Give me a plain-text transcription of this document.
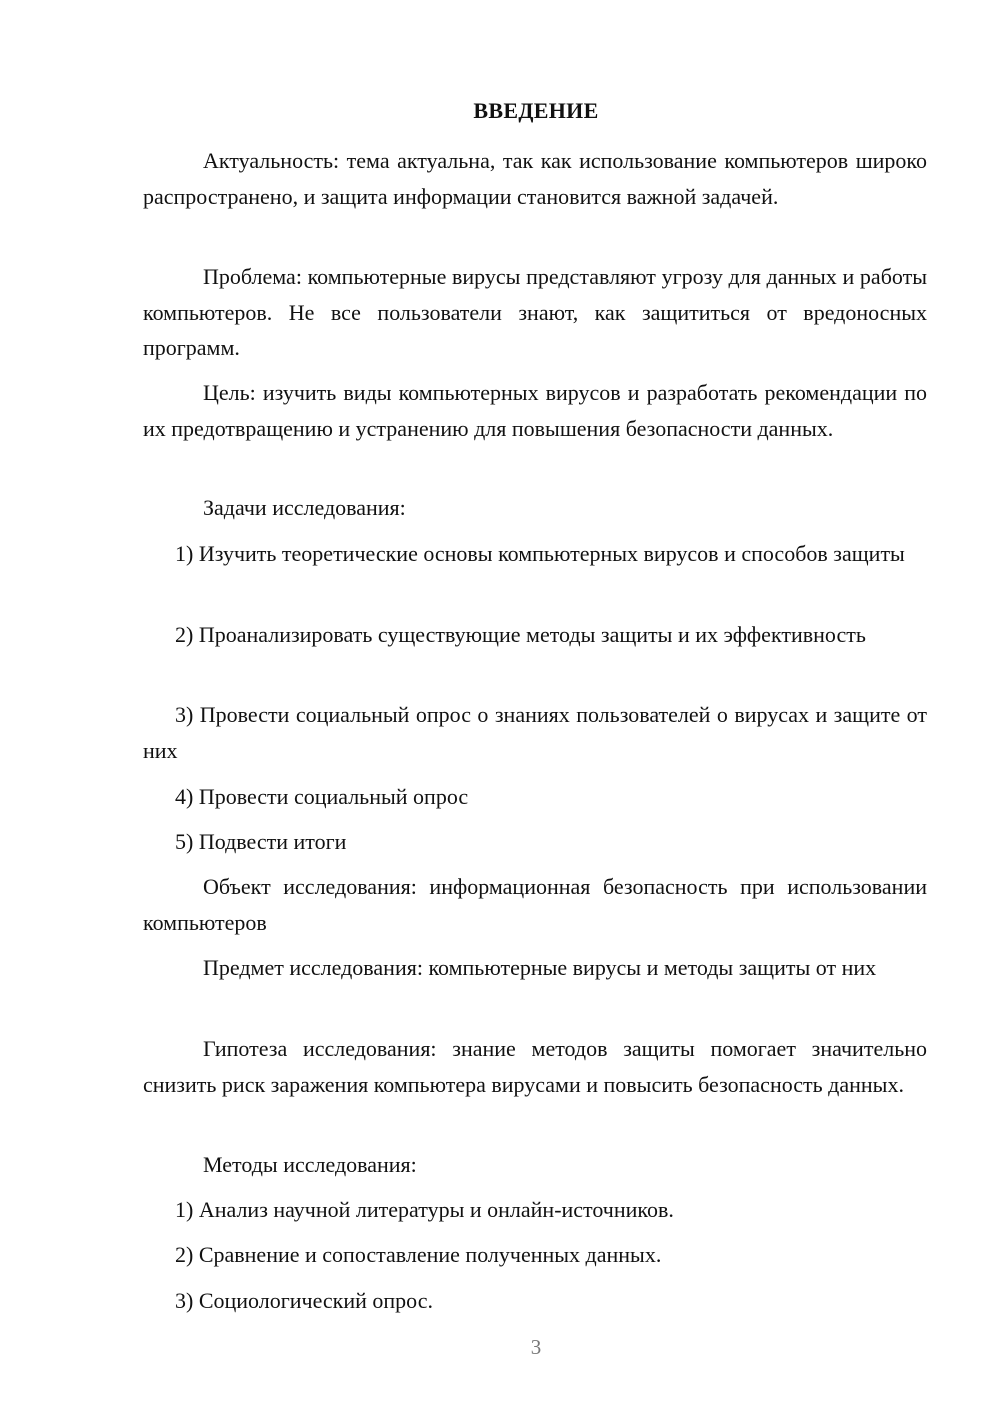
ВВЕДЕНИЕ

Актуальность: тема актуальна, так как использование компьютеров широко распространено, и защита информации становится важной задачей.

Проблема: компьютерные вирусы представляют угрозу для данных и работы компьютеров. Не все пользователи знают, как защититься от вредоносных программ.

Цель: изучить виды компьютерных вирусов и разработать рекомендации по их предотвращению и устранению для повышения безопасности данных.

Задачи исследования:

1) Изучить теоретические основы компьютерных вирусов и способов защиты

2) Проанализировать существующие методы защиты и их эффективность

3) Провести социальный опрос о знаниях пользователей о вирусах и защите от них

4) Провести социальный опрос

5) Подвести итоги

Объект исследования: информационная безопасность при использовании компьютеров

Предмет исследования: компьютерные вирусы и методы защиты от них

Гипотеза исследования: знание методов защиты помогает значительно снизить риск заражения компьютера вирусами и повысить безопасность данных.

Методы исследования:

1) Анализ научной литературы и онлайн-источников.

2) Сравнение и сопоставление полученных данных.

3) Социологический опрос.

3
